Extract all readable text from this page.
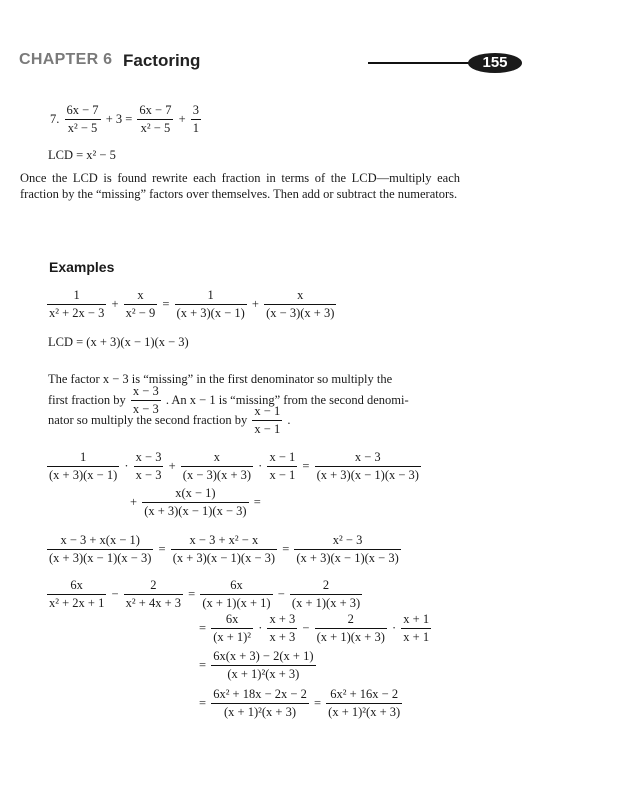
CHAPTER 6 Factoring	155
7. $\frac{6x - 7}{\text{x² − 5}} + 3 = \frac{6x - 7}{\text{x² − 5}} + \frac{3}{1}$
LCD = x² − 5
Once the LCD is found rewrite each fraction in terms of the LCD—multiply each fraction by the “missing” factors over themselves. Then add or subtract the numerators.
Examples
$\frac{1}{\text{x² + 2x − 3}} + \frac{x}{\text{x² − 9}} = \frac{1}{(x + 3)(x - 1)} + \frac{x}{(x - 3)(x + 3)}$
LCD = (x + 3)(x − 1)(x − 3)
The factor x − 3 is “missing” in the first denominator so multiply the
first fraction by $\frac{x - 3}{x - 3}$ . An x − 1 is “missing” from the second denomi-
nator so multiply the second fraction by $\frac{x - 1}{x - 1}$ .
$\frac{1}{(x + 3)(x - 1)} \cdot \frac{x - 3}{x - 3} + \frac{x}{(x - 3)(x + 3)} \cdot \frac{x - 1}{x - 1} = \frac{x - 3}{(x + 3)(x - 1)(x - 3)}$
+ $\frac{x(x - 1)}{(x + 3)(x - 1)(x - 3)}$ =
$\frac{x - 3 + x(x - 1)}{(x + 3)(x - 1)(x - 3)} = \frac{\text{x − 3 + x² − x}}{(x + 3)(x - 1)(x - 3)} = \frac{\text{x² − 3}}{(x + 3)(x - 1)(x - 3)}$
$\frac{6x}{\text{x² + 2x + 1}} - \frac{2}{\text{x² + 4x + 3}} = \frac{6x}{(x + 1)(x + 1)} - \frac{2}{(x + 1)(x + 3)}$
= $\frac{6x}{\text{(x + 1)²}} \cdot \frac{x + 3}{x + 3} - \frac{2}{(x + 1)(x + 3)} \cdot \frac{x + 1}{x + 1}$
= $\frac{6x(x + 3) - 2(x + 1)}{\text{(x + 1)²(x + 3)}}$
= $\frac{\text{6x² + 18x − 2x − 2}}{\text{(x + 1)²(x + 3)}} = \frac{\text{6x² + 16x − 2}}{\text{(x + 1)²(x + 3)}}$
